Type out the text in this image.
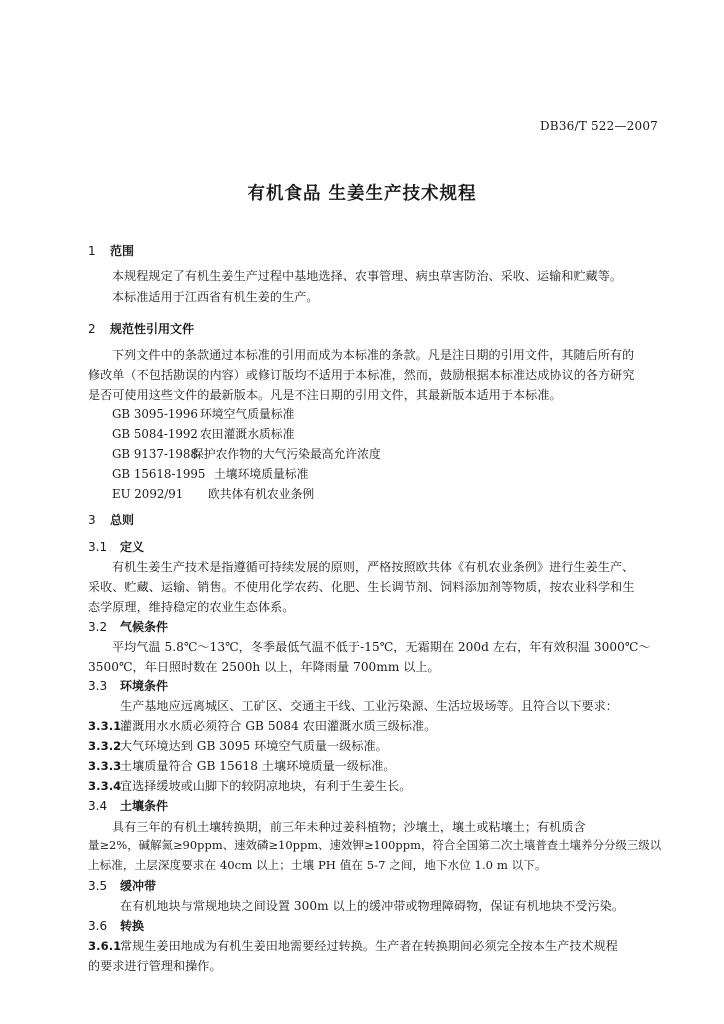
DB36/T 522—2007
有机食品 生姜生产技术规程
1 范围
本规程规定了有机生姜生产过程中基地选择、农事管理、病虫草害防治、采收、运输和贮藏等。
本标准适用于江西省有机生姜的生产。
2 规范性引用文件
下列文件中的条款通过本标准的引用而成为本标准的条款。凡是注日期的引用文件，其随后所有的
修改单（不包括勘误的内容）或修订版均不适用于本标准，然而，鼓励根据本标准达成协议的各方研究
是否可使用这些文件的最新版本。凡是不注日期的引用文件，其最新版本适用于本标准。
GB 3095-1996 环境空气质量标准
GB 5084-1992 农田灌溉水质标准
GB 9137-1988保护农作物的大气污染最高允许浓度
GB 15618-1995 土壤环境质量标准
EU 2092/91 欧共体有机农业条例
3 总则
3.1 定义
有机生姜生产技术是指遵循可持续发展的原则，严格按照欧共体《有机农业条例》进行生姜生产、
采收、贮藏、运输、销售。不使用化学农药、化肥、生长调节剂、饲料添加剂等物质，按农业科学和生
态学原理，维持稳定的农业生态体系。
3.2 气候条件
平均气温 5.8℃～13℃，冬季最低气温不低于-15℃，无霜期在 200d 左右，年有效积温 3000℃～
3500℃，年日照时数在 2500h 以上，年降雨量 700mm 以上。
3.3 环境条件
生产基地应远离城区、工矿区、交通主干线、工业污染源、生活垃圾场等。且符合以下要求：
3.3.1灌溉用水水质必须符合 GB 5084 农田灌溉水质三级标准。
3.3.2大气环境达到 GB 3095 环境空气质量一级标准。
3.3.3土壤质量符合 GB 15618 土壤环境质量一级标准。
3.3.4宜选择缓坡或山脚下的较阴凉地块，有利于生姜生长。
3.4 土壤条件
具有三年的有机土壤转换期，前三年未种过姜科植物；沙壤土，壤土或粘壤土；有机质含
量≥2%，碱解氮≥90ppm、速效磷≥10ppm、速效钾≥100ppm，符合全国第二次土壤普查土壤养分分级三级以
上标准，土层深度要求在 40cm 以上；土壤 PH 值在 5-7 之间，地下水位 1.0 m 以下。
3.5 缓冲带
在有机地块与常规地块之间设置 300m 以上的缓冲带或物理障碍物，保证有机地块不受污染。
3.6 转换
3.6.1常规生姜田地成为有机生姜田地需要经过转换。生产者在转换期间必须完全按本生产技术规程
的要求进行管理和操作。
